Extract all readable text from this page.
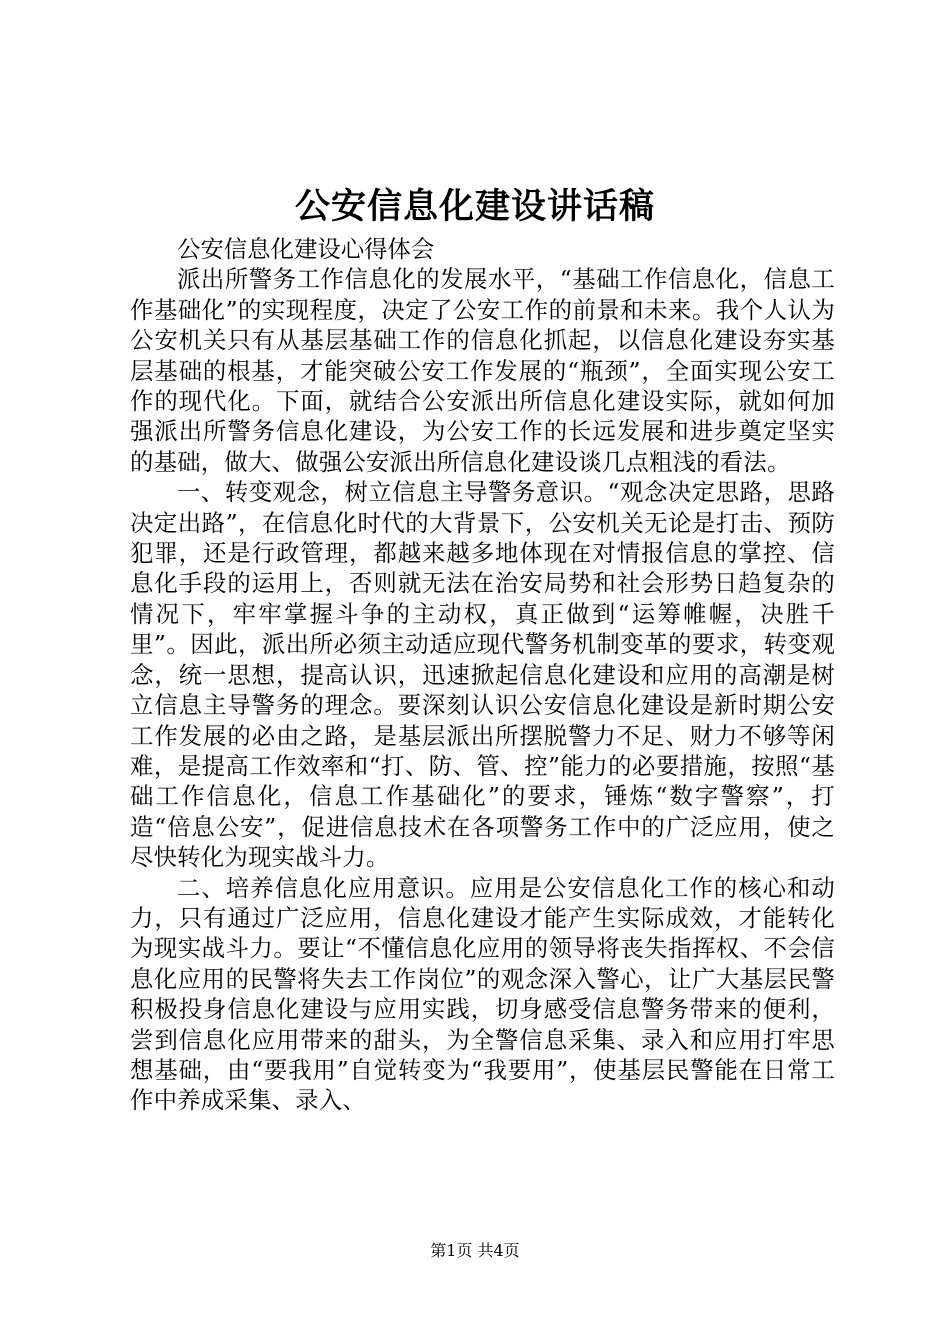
公安信息化建设讲话稿

公安信息化建设心得体会

派出所警务工作信息化的发展水平，“基础工作信息化，信息工作基础化”的实现程度，决定了公安工作的前景和未来。我个人认为公安机关只有从基层基础工作的信息化抓起，以信息化建设夯实基层基础的根基，才能突破公安工作发展的“瓶颈”，全面实现公安工作的现代化。下面，就结合公安派出所信息化建设实际，就如何加强派出所警务信息化建设，为公安工作的长远发展和进步奠定坚实的基础，做大、做强公安派出所信息化建设谈几点粗浅的看法。

一、转变观念，树立信息主导警务意识。“观念决定思路，思路决定出路”，在信息化时代的大背景下，公安机关无论是打击、预防犯罪，还是行政管理，都越来越多地体现在对情报信息的掌控、信息化手段的运用上，否则就无法在治安局势和社会形势日趋复杂的情况下，牢牢掌握斗争的主动权，真正做到“运筹帷幄，决胜千里”。因此，派出所必须主动适应现代警务机制变革的要求，转变观念，统一思想，提高认识，迅速掀起信息化建设和应用的高潮是树立信息主导警务的理念。要深刻认识公安信息化建设是新时期公安工作发展的必由之路，是基层派出所摆脱警力不足、财力不够等闲难，是提高工作效率和“打、防、管、控”能力的必要措施，按照“基础工作信息化，信息工作基础化”的要求，锤炼“数字警察”，打造“倍息公安”，促进信息技术在各项警务工作中的广泛应用，使之尽快转化为现实战斗力。

二、培养信息化应用意识。应用是公安信息化工作的核心和动力，只有通过广泛应用，信息化建设才能产生实际成效，才能转化为现实战斗力。要让“不懂信息化应用的领导将丧失指挥权、不会信息化应用的民警将失去工作岗位”的观念深入警心，让广大基层民警积极投身信息化建设与应用实践，切身感受信息警务带来的便利，尝到信息化应用带来的甜头，为全警信息采集、录入和应用打牢思想基础，由“要我用”自觉转变为“我要用”，使基层民警能在日常工作中养成采集、录入、

第1页 共4页
